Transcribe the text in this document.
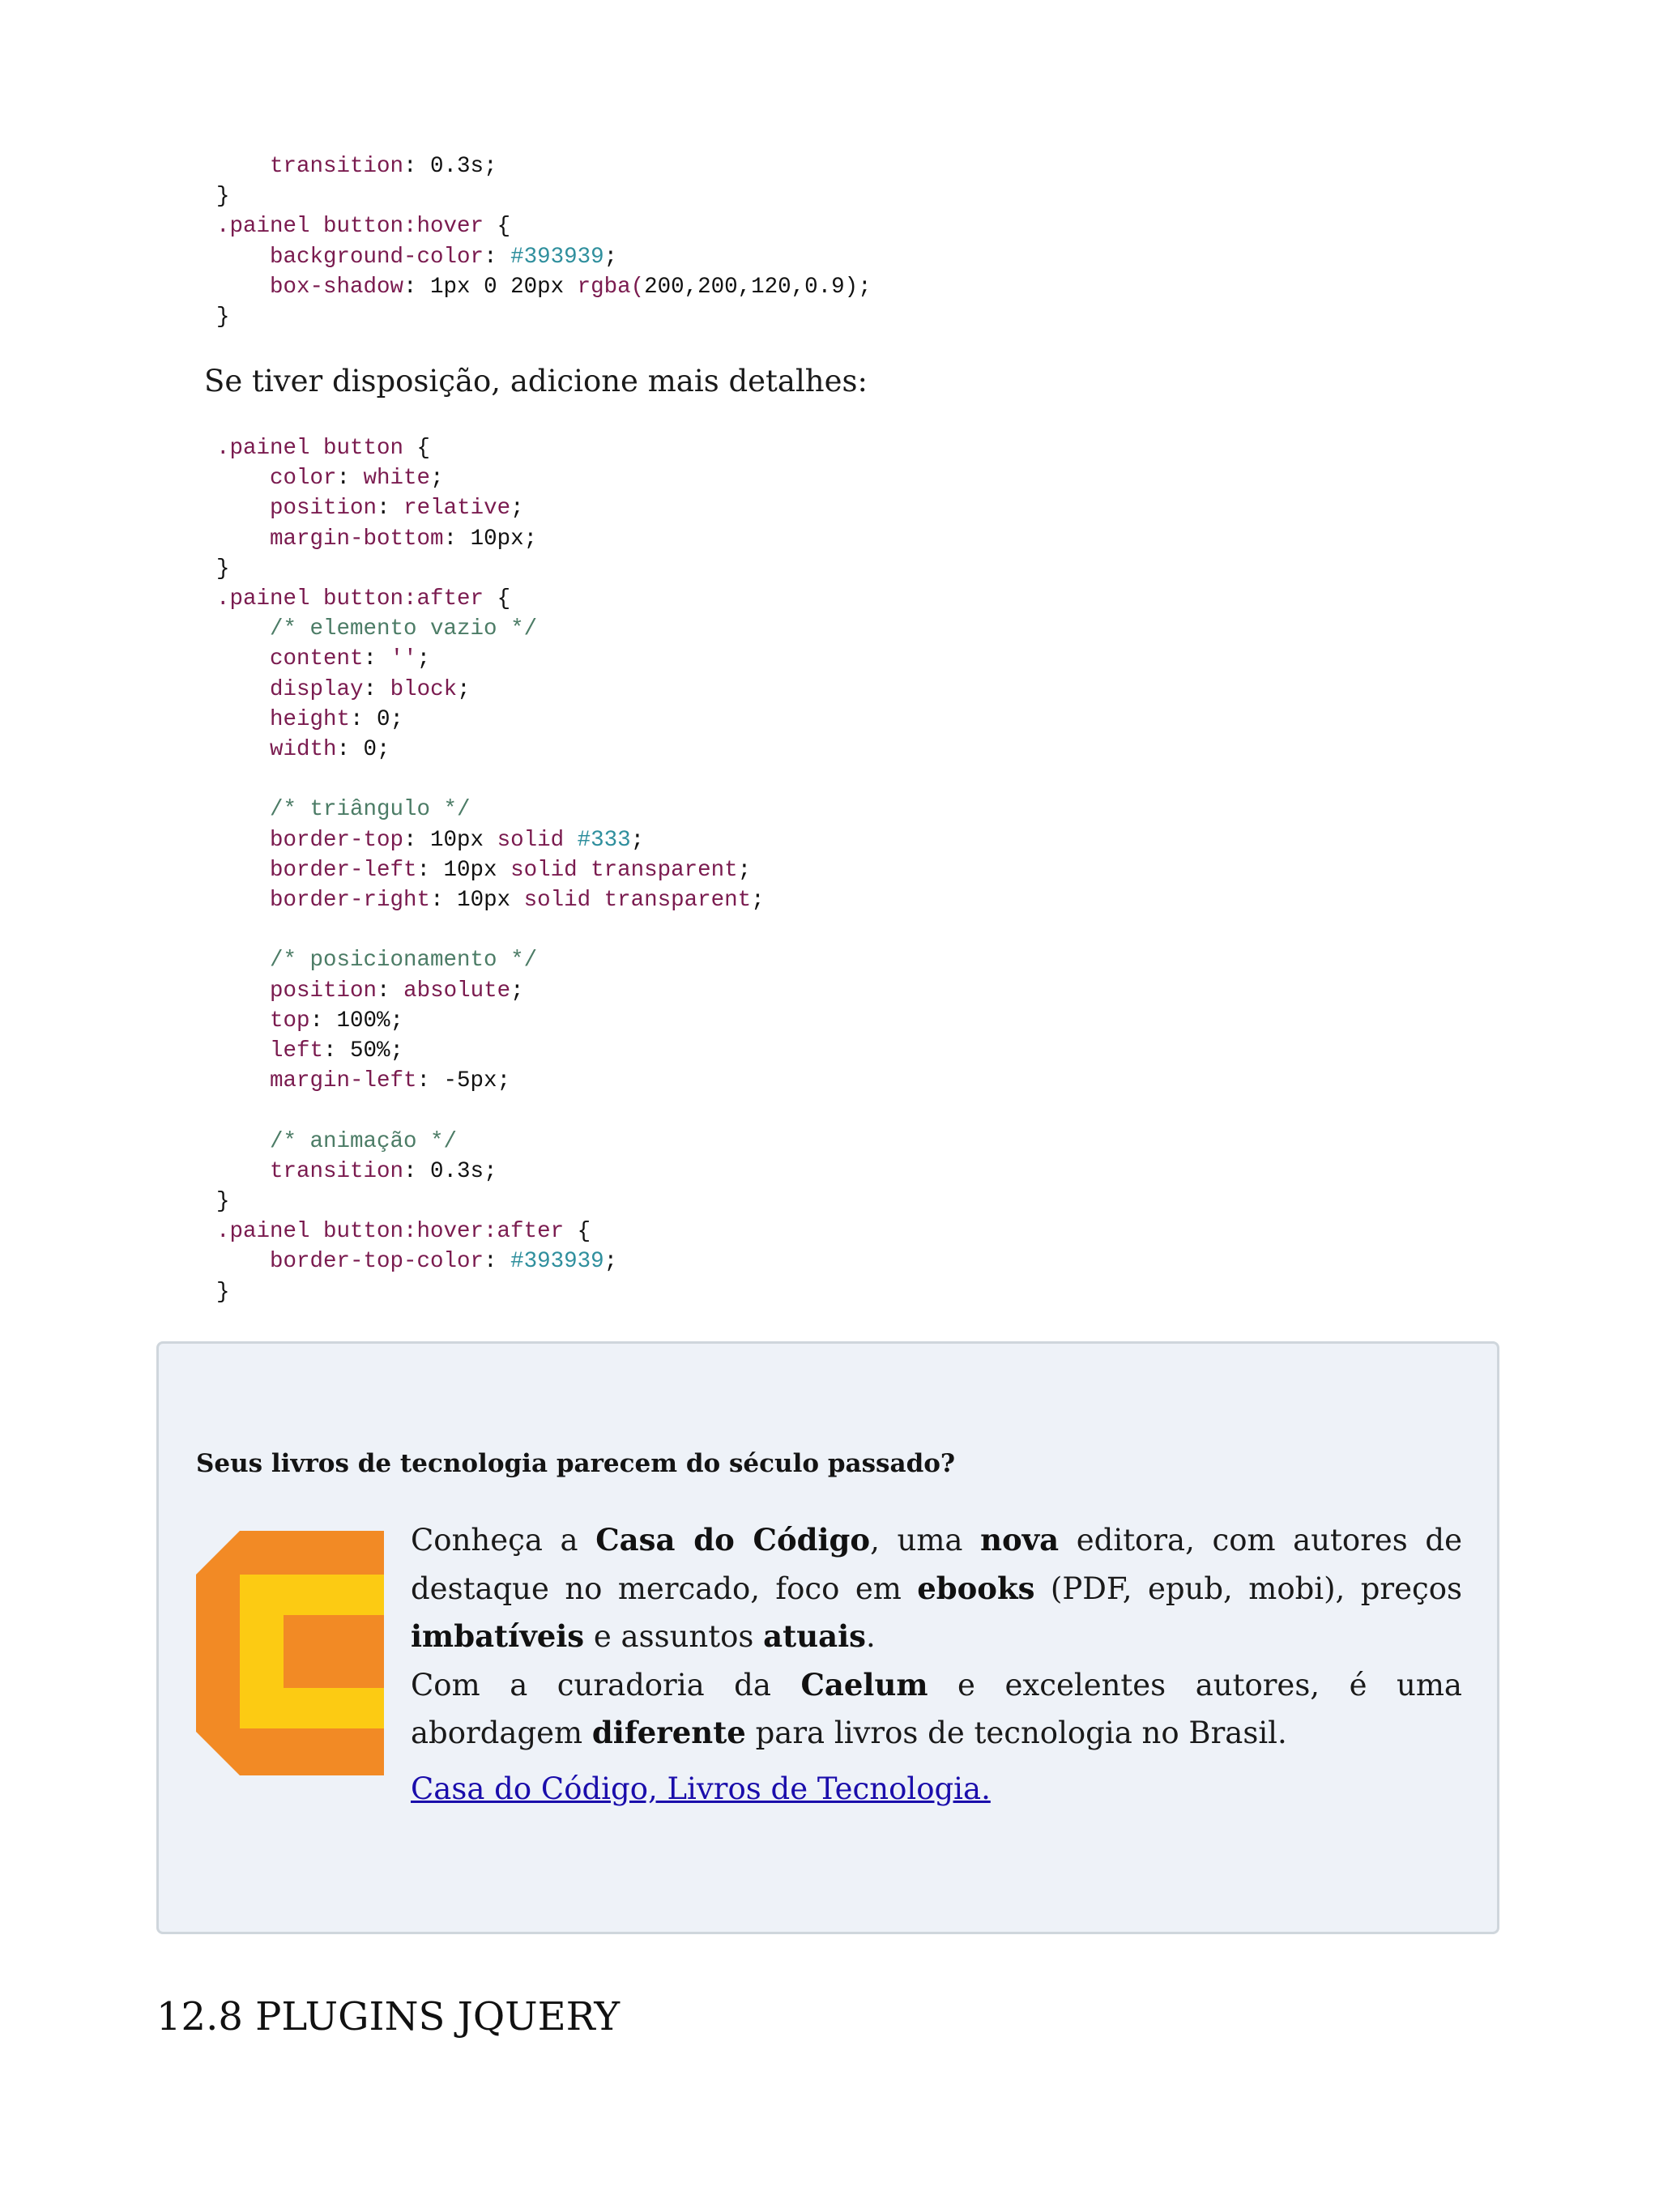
transition: 0.3s;
}
.painel button:hover {
background-color: #393939;
box-shadow: 1px 0 20px rgba(200,200,120,0.9);
}

Se tiver disposição, adicione mais detalhes:

.painel button {
color: white;
position: relative;
margin-bottom: 10px;
}
.painel button:after {
/* elemento vazio */
content: '';
display: block;
height: 0;
width: 0;

/* triângulo */
border-top: 10px solid #333;
border-left: 10px solid transparent;
border-right: 10px solid transparent;

/* posicionamento */
position: absolute;
top: 100%;
left: 50%;
margin-left: -5px;

/* animação */
transition: 0.3s;
}
.painel button:hover:after {
border-top-color: #393939;
}

Seus livros de tecnologia parecem do século passado?

Conheça a Casa do Código, uma nova editora, com autores de destaque no mercado, foco em ebooks (PDF, epub, mobi), preços imbatíveis e assuntos atuais.

Com a curadoria da Caelum e excelentes autores, é uma abordagem diferente para livros de tecnologia no Brasil.

Casa do Código, Livros de Tecnologia.
12.8 PLUGINS JQUERY
